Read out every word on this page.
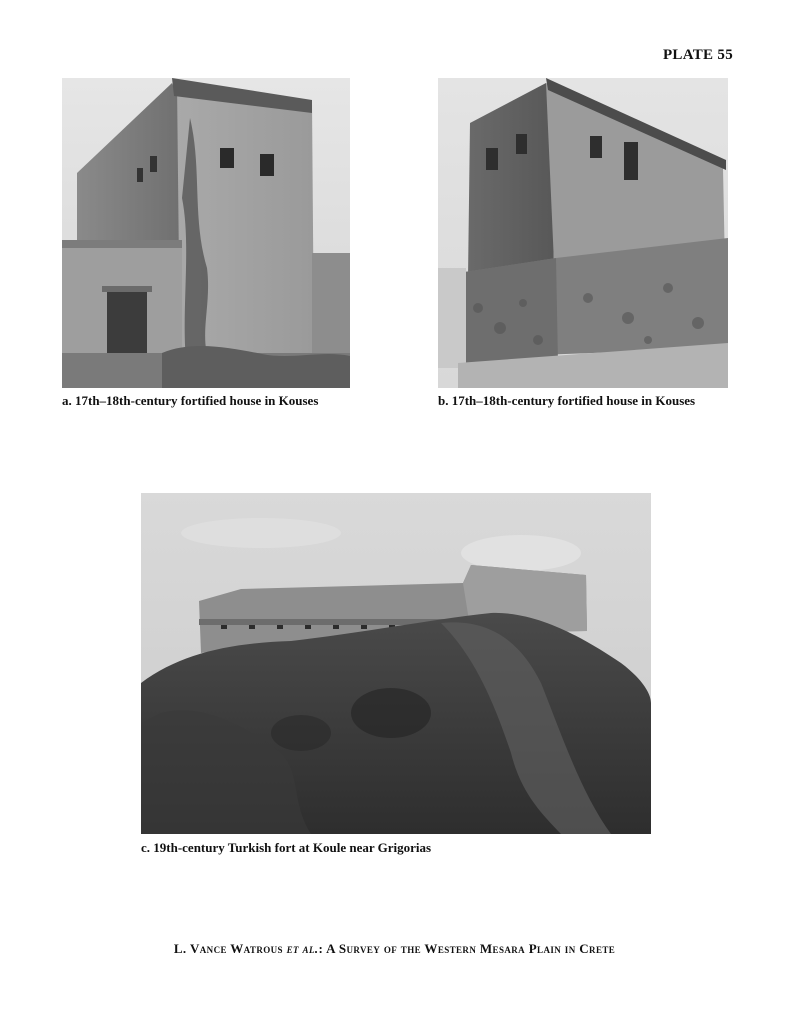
PLATE 55
a. 17th–18th-century fortified house in Kouses	b. 17th–18th-century fortified house in Kouses
c. 19th-century Turkish fort at Koule near Grigorias
L. Vance Watrous et al.: A Survey of the Western Mesara Plain in Crete
